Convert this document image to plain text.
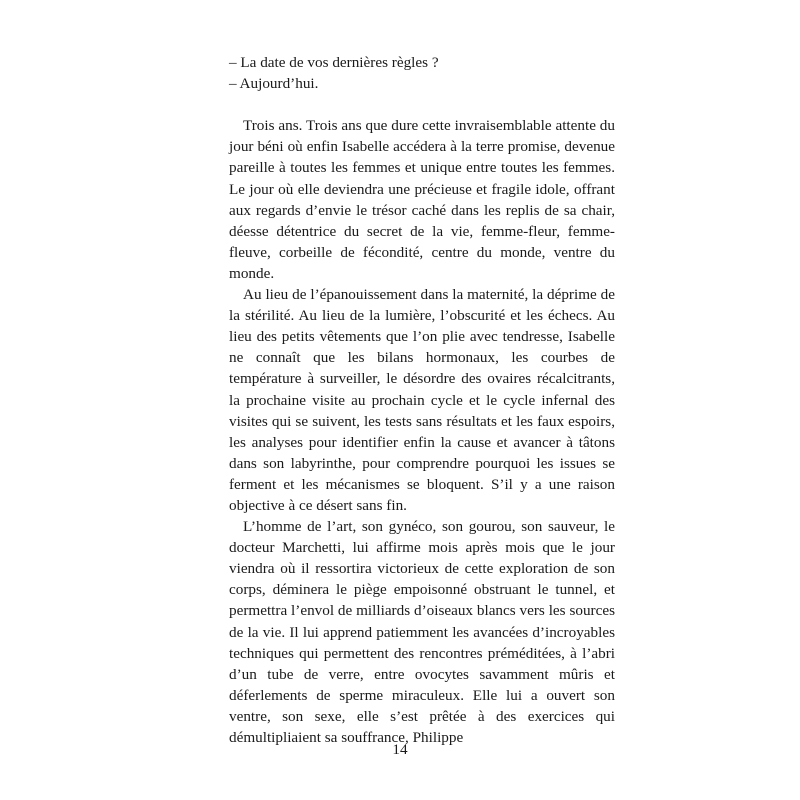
– La date de vos dernières règles ?

– Aujourd’hui.

Trois ans. Trois ans que dure cette invraisemblable attente du jour béni où enfin Isabelle accédera à la terre promise, devenue pareille à toutes les femmes et unique entre toutes les femmes. Le jour où elle deviendra une précieuse et fragile idole, offrant aux regards d’envie le trésor caché dans les replis de sa chair, déesse détentrice du secret de la vie, femme-fleur, femme-fleuve, corbeille de fécondité, centre du monde, ventre du monde.

Au lieu de l’épanouissement dans la maternité, la déprime de la stérilité. Au lieu de la lumière, l’obscurité et les échecs. Au lieu des petits vêtements que l’on plie avec tendresse, Isabelle ne connaît que les bilans hormonaux, les courbes de température à surveiller, le désordre des ovaires récalcitrants, la prochaine visite au prochain cycle et le cycle infernal des visites qui se suivent, les tests sans résultats et les faux espoirs, les analyses pour identifier enfin la cause et avancer à tâtons dans son labyrinthe, pour comprendre pourquoi les issues se ferment et les mécanismes se bloquent. S’il y a une raison objective à ce désert sans fin.

L’homme de l’art, son gynéco, son gourou, son sauveur, le docteur Marchetti, lui affirme mois après mois que le jour viendra où il ressortira victorieux de cette exploration de son corps, déminera le piège empoisonné obstruant le tunnel, et permettra l’envol de milliards d’oiseaux blancs vers les sources de la vie. Il lui apprend patiemment les avancées d’incroyables techniques qui permettent des rencontres préméditées, à l’abri d’un tube de verre, entre ovocytes savamment mûris et déferlements de sperme miraculeux. Elle lui a ouvert son ventre, son sexe, elle s’est prêtée à des exercices qui démultipliaient sa souffrance, Philippe

14
